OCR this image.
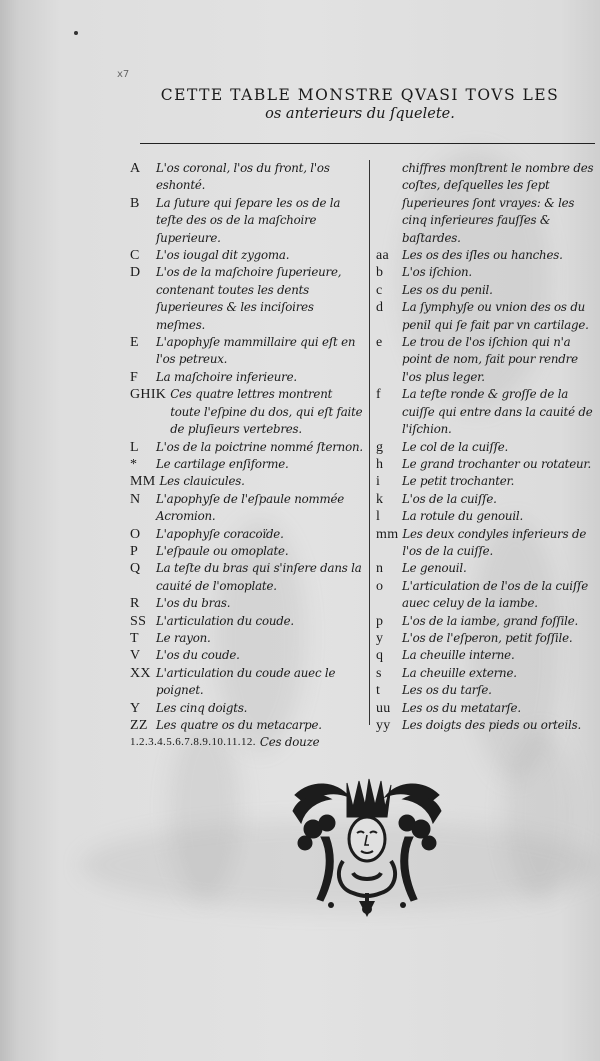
x7
CETTE TABLE MONSTRE QVASI TOVS LES
os anterieurs du ſquelete.
A	L'os coronal, l'os du front, l'os eshonté.
B	La ſuture qui ſepare les os de la teſte des os de la maſchoire ſuperieure.
C	L'os iougal dit zygoma.
D	L'os de la maſchoire ſuperieure, contenant toutes les dents ſuperieures & les inciſoires meſmes.
E	L'apophyſe mammillaire qui eſt en l'os petreux.
F	La maſchoire inferieure.
GHIK Ces quatre lettres montrent toute l'eſpine du dos, qui eſt faite de pluſieurs vertebres.
L	L'os de la poictrine nommé ſternon.
*	Le cartilage enſiforme.
MM Les clauicules.
N	L'apophyſe de l'eſpaule nommée Acromion.
O	L'apophyſe coracoïde.
P	L'eſpaule ou omoplate.
Q	La teſte du bras qui s'inſere dans la cauité de l'omoplate.
R	L'os du bras.
SS L'articulation du coude.
T	Le rayon.
V	L'os du coude.
XX L'articulation du coude auec le poignet.
Y	Les cinq doigts.
ZZ Les quatre os du metacarpe.
1.2.3.4.5.6.7.8.9.10.11.12. Ces douze
chiffres monſtrent le nombre des coſtes, deſquelles les ſept ſuperieures ſont vrayes: & les cinq inferieures fauſſes & baſtardes.
aa	Les os des iſles ou hanches.
b	L'os iſchion.
c	Les os du penil.
d	La ſymphyſe ou vnion des os du penil qui ſe fait par vn cartilage.
e	Le trou de l'os iſchion qui n'a point de nom, fait pour rendre l'os plus leger.
f	La teſte ronde & groſſe de la cuiſſe qui entre dans la cauité de l'iſchion.
g	Le col de la cuiſſe.
h	Le grand trochanter ou rotateur.
i	Le petit trochanter.
k	L'os de la cuiſſe.
l	La rotule du genouil.
mm Les deux condyles inferieurs de l'os de la cuiſſe.
n	Le genouil.
o	L'articulation de l'os de la cuiſſe auec celuy de la iambe.
p	L'os de la iambe, grand foſſile.
y	L'os de l'eſperon, petit foſſile.
q	La cheuille interne.
s	La cheuille externe.
t	Les os du tarſe.
uu Les os du metatarſe.
yy Les doigts des pieds ou orteils.
